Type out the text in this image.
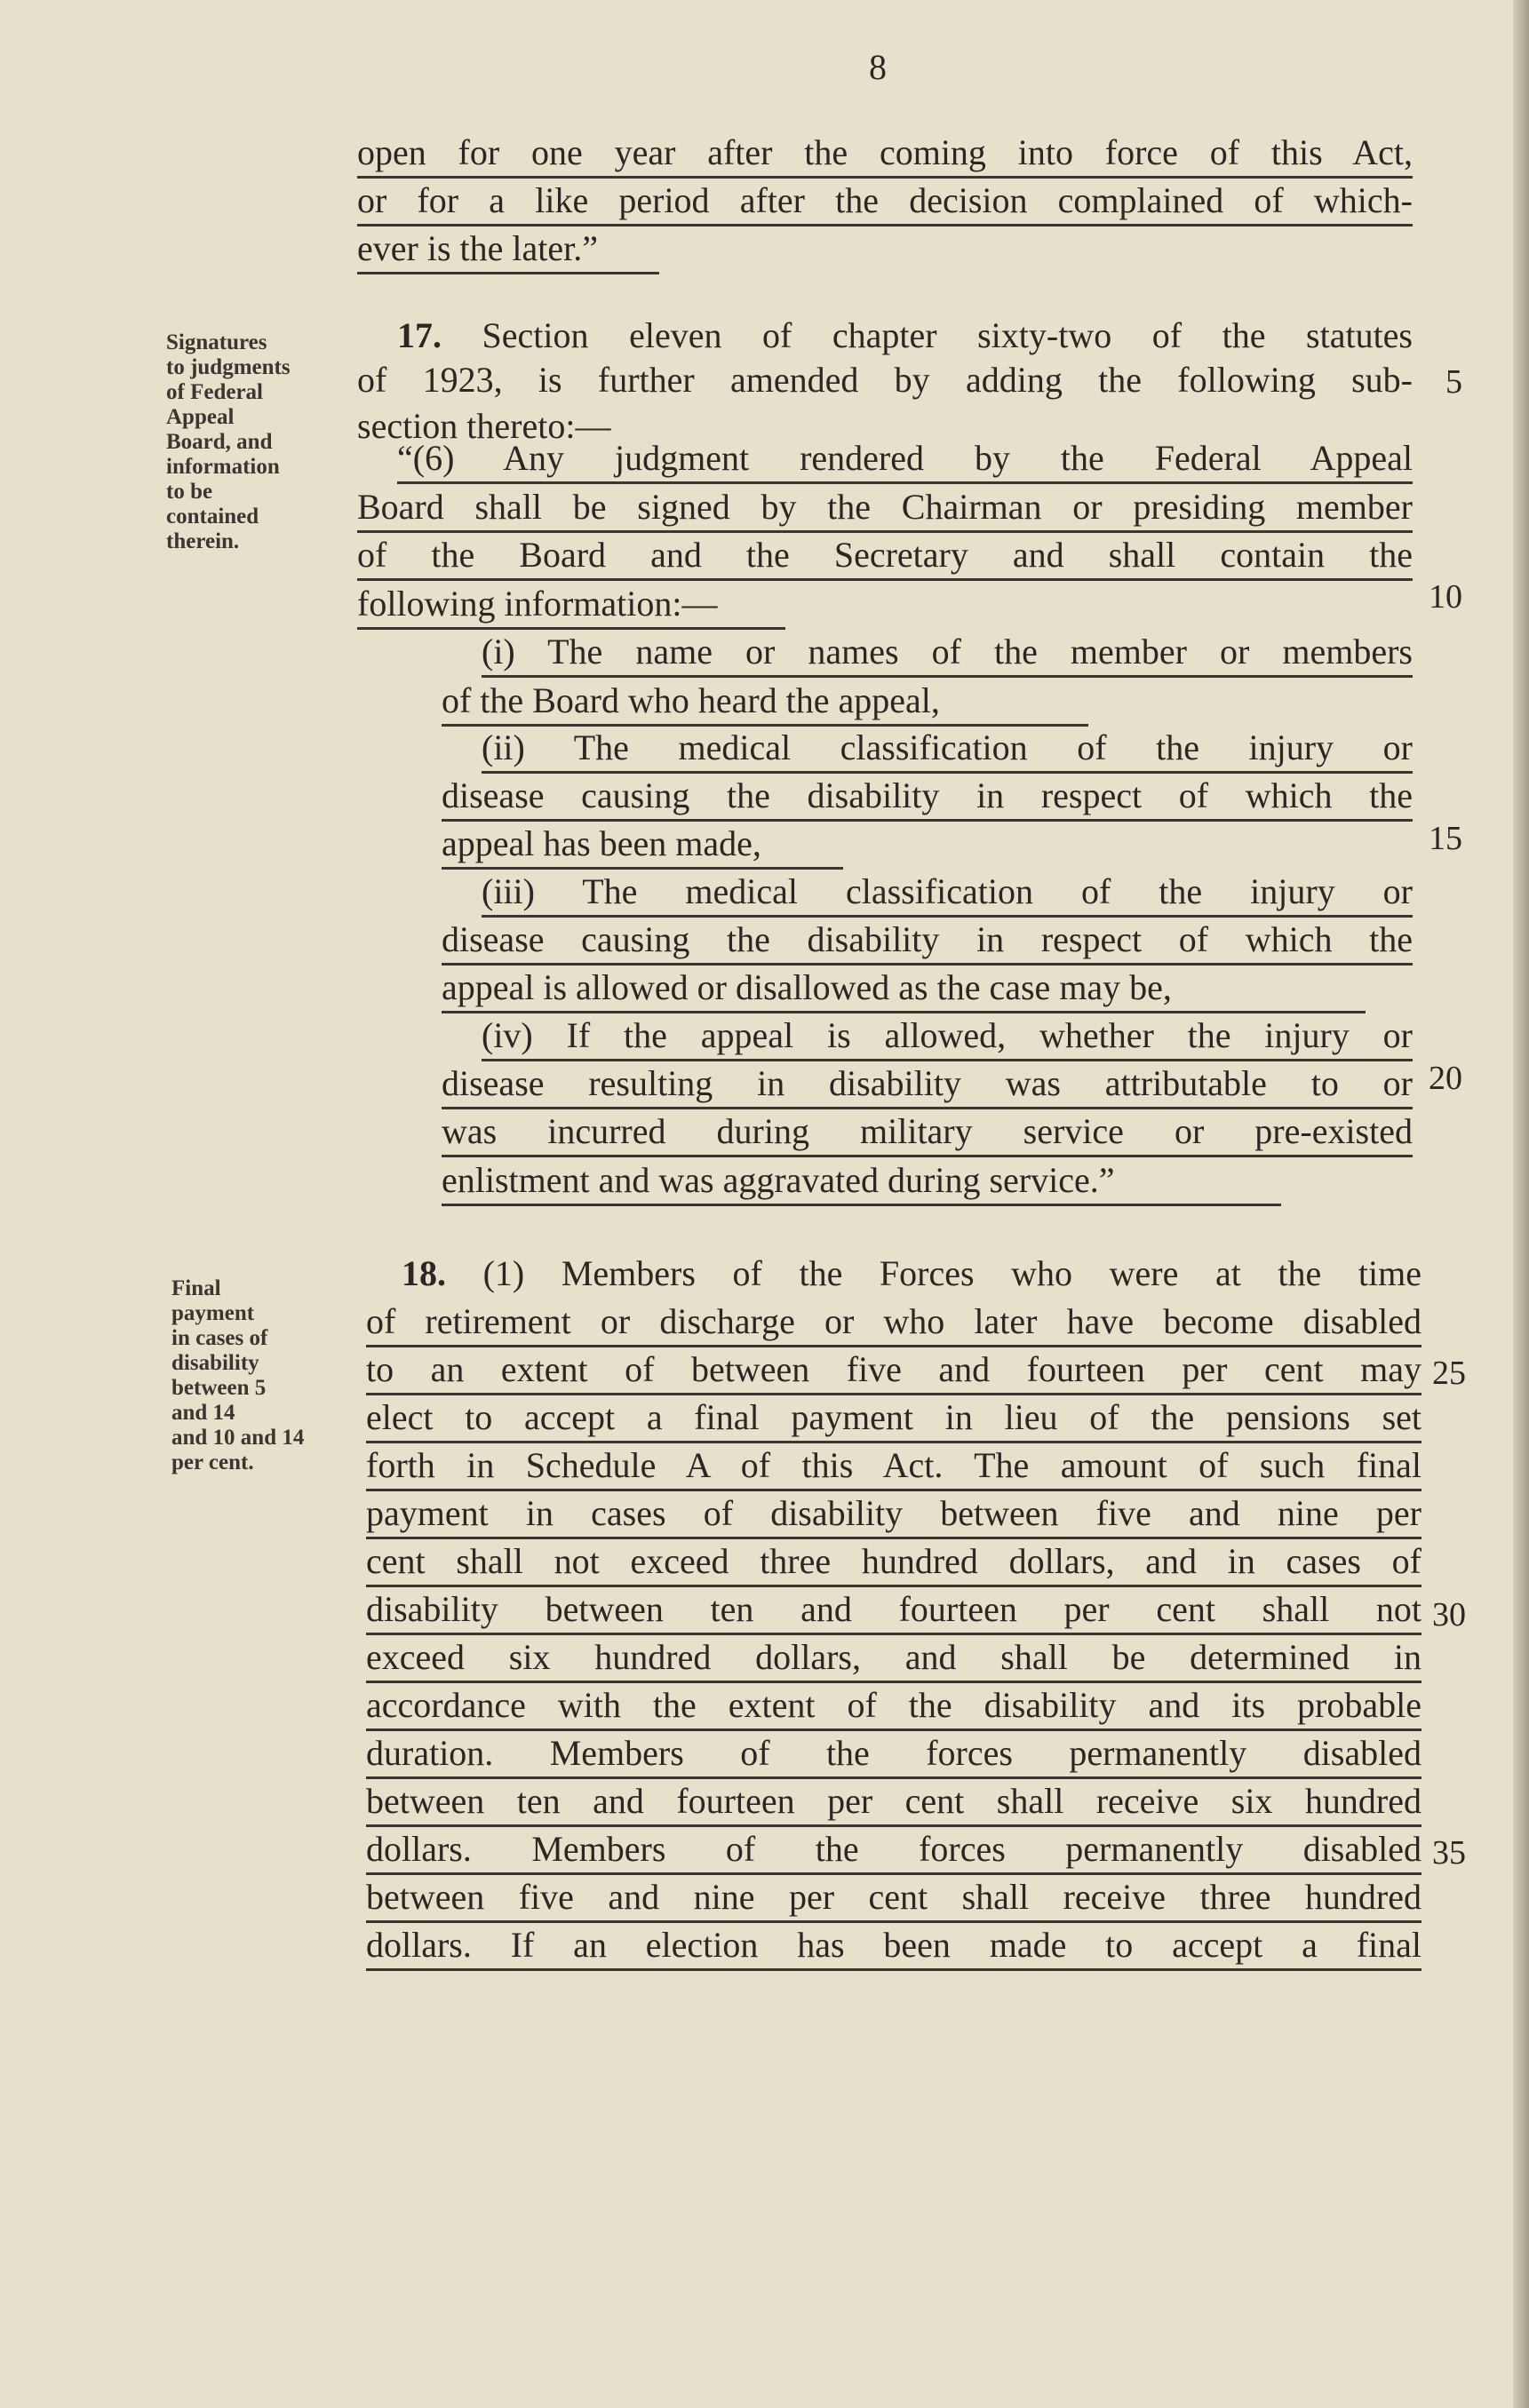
8
Signatures
to judgments
of Federal
Appeal
Board, and
information
to be
contained
therein.
Final
payment
in cases of
disability
between 5
and 14
and 10 and 14
per cent.
open for one year after the coming into force of this Act,
or for a like period after the decision complained of which-
ever is the later.”
17. Section eleven of chapter sixty-two of the statutes
of 1923, is further amended by adding the following sub-
section thereto:—
“(6) Any judgment rendered by the Federal Appeal
Board shall be signed by the Chairman or presiding member
of the Board and the Secretary and shall contain the
following information:—
(i) The name or names of the member or members
of the Board who heard the appeal,
(ii) The medical classification of the injury or
disease causing the disability in respect of which the
appeal has been made,
(iii) The medical classification of the injury or
disease causing the disability in respect of which the
appeal is allowed or disallowed as the case may be,
(iv) If the appeal is allowed, whether the injury or
disease resulting in disability was attributable to or
was incurred during military service or pre-existed
enlistment and was aggravated during service.”
18. (1) Members of the Forces who were at the time
of retirement or discharge or who later have become disabled
to an extent of between five and fourteen per cent may
elect to accept a final payment in lieu of the pensions set
forth in Schedule A of this Act. The amount of such final
payment in cases of disability between five and nine per
cent shall not exceed three hundred dollars, and in cases of
disability between ten and fourteen per cent shall not
exceed six hundred dollars, and shall be determined in
accordance with the extent of the disability and its probable
duration. Members of the forces permanently disabled
between ten and fourteen per cent shall receive six hundred
dollars. Members of the forces permanently disabled
between five and nine per cent shall receive three hundred
dollars. If an election has been made to accept a final
5
10
15
20
25
30
35
